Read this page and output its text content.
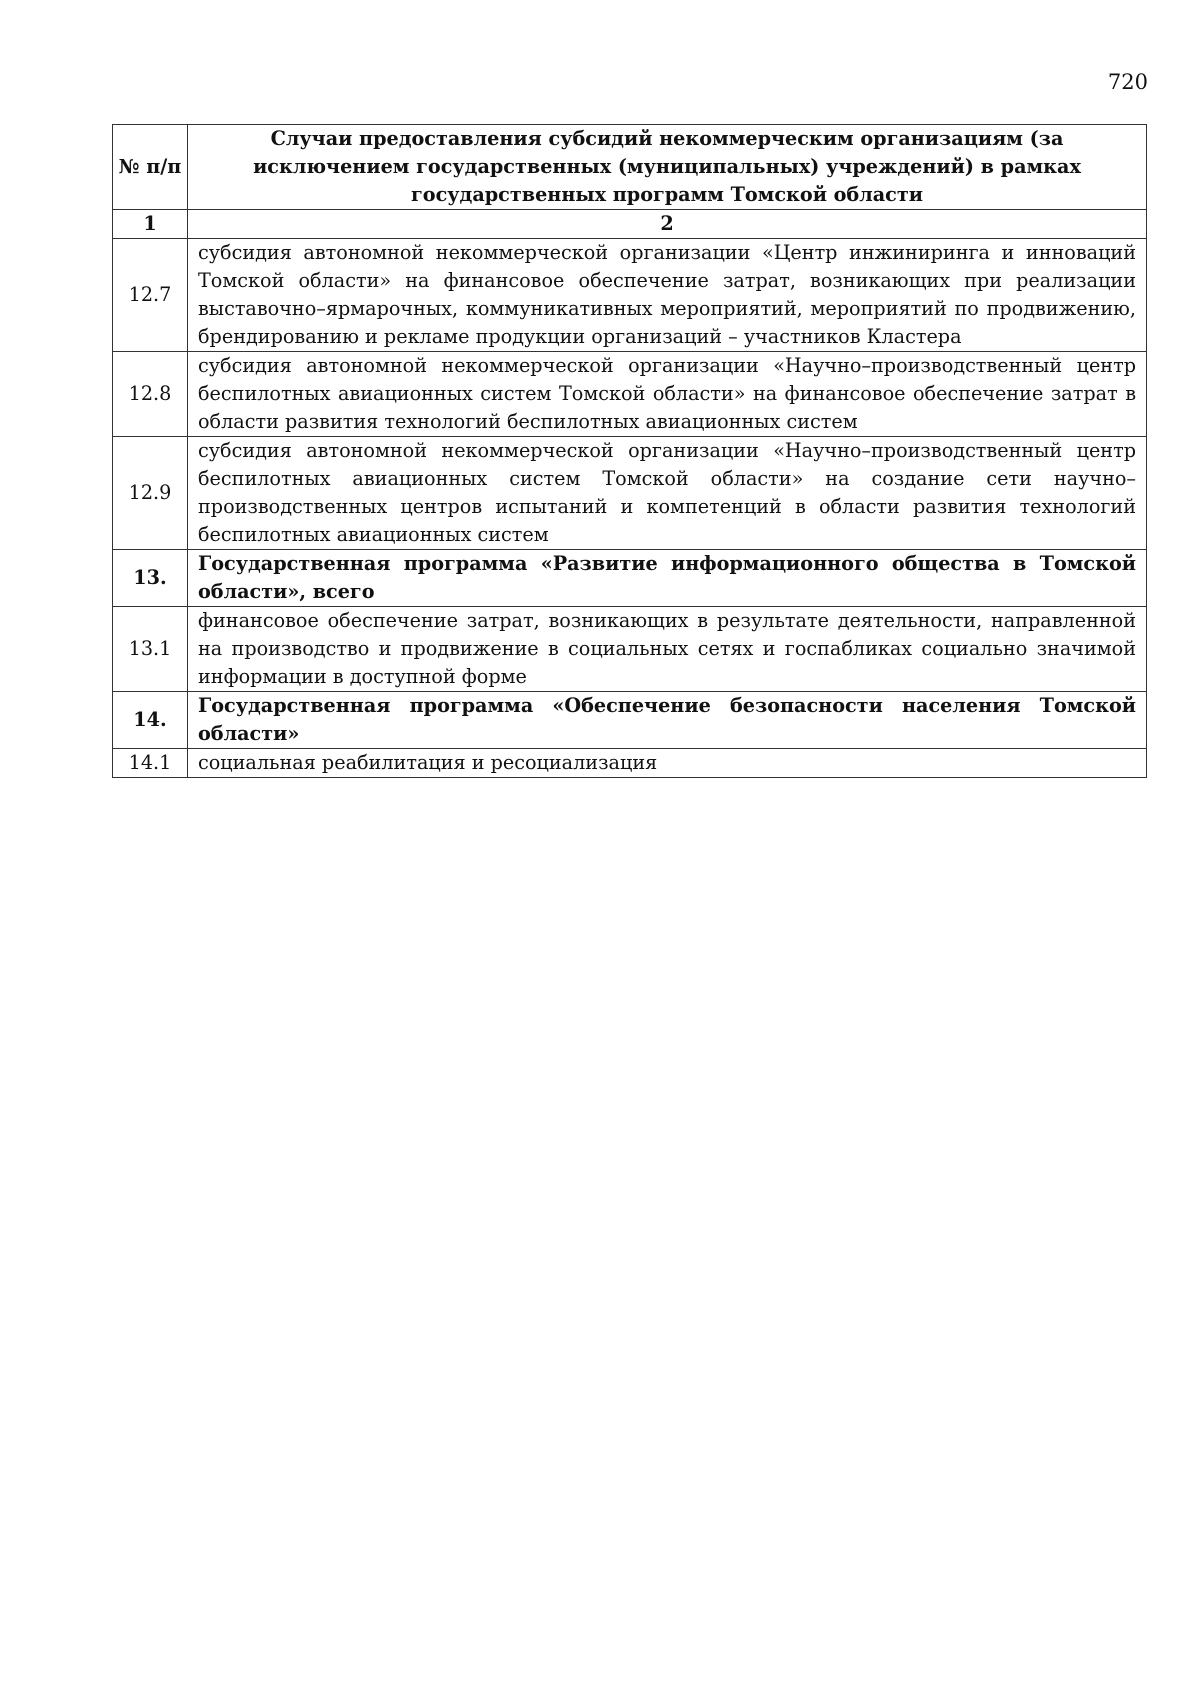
720
№ п/п	Случаи предоставления субсидий некоммерческим организациям (за исключением государственных (муниципальных) учреждений) в рамках государственных программ Томской области
1	2
12.7	субсидия автономной некоммерческой организации «Центр инжиниринга и инноваций Томской области» на финансовое обеспечение затрат, возникающих при реализации выставочно–ярмарочных, коммуникативных мероприятий, мероприятий по продвижению, брендированию и рекламе продукции организаций – участников Кластера
12.8	субсидия автономной некоммерческой организации «Научно–производственный центр беспилотных авиационных систем Томской области» на финансовое обеспечение затрат в области развития технологий беспилотных авиационных систем
12.9	субсидия автономной некоммерческой организации «Научно–производственный центр беспилотных авиационных систем Томской области» на создание сети научно–производственных центров испытаний и компетенций в области развития технологий беспилотных авиационных систем
13.	Государственная программа «Развитие информационного общества в Томской области», всего
13.1	финансовое обеспечение затрат, возникающих в результате деятельности, направленной на производство и продвижение в социальных сетях и госпабликах социально значимой информации в доступной форме
14.	Государственная программа «Обеспечение безопасности населения Томской области»
14.1	социальная реабилитация и ресоциализация
